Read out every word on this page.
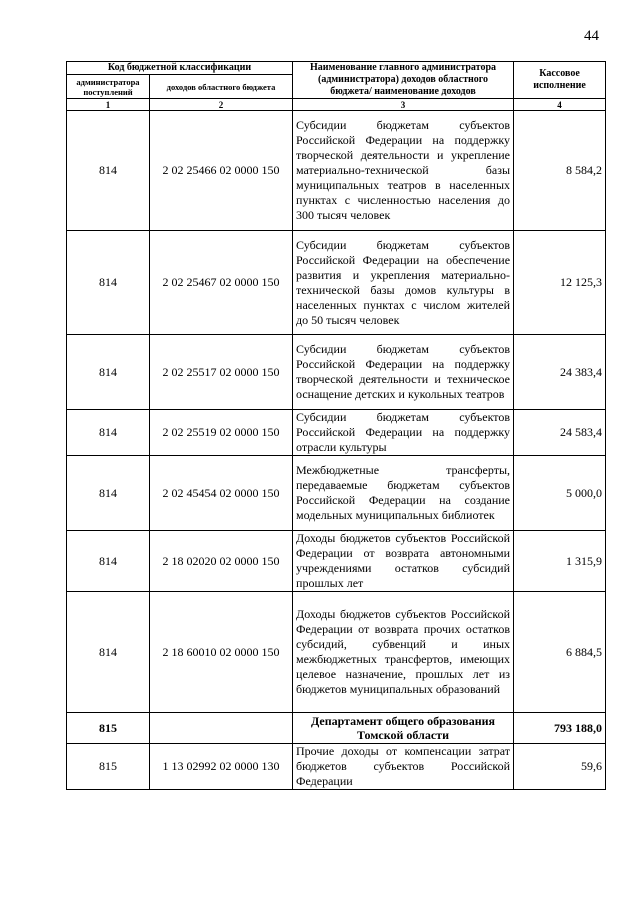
44
Код бюджетной классификации		Наименование главного администратора (администратора) доходов областного бюджета/ наименование доходов	Кассовое исполнение
администратора поступлений	доходов областного бюджета		
1	2	3	4
814	2 02 25466 02 0000 150	Субсидии бюджетам субъектов Российской Федерации на поддержку творческой деятельности и укрепление материально-технической базы муниципальных театров в населенных пунктах с численностью населения до 300 тысяч человек	8 584,2
814	2 02 25467 02 0000 150	Субсидии бюджетам субъектов Российской Федерации на обеспечение развития и укрепления материально-технической базы домов культуры в населенных пунктах с числом жителей до 50 тысяч человек	12 125,3
814	2 02 25517 02 0000 150	Субсидии бюджетам субъектов Российской Федерации на поддержку творческой деятельности и техническое оснащение детских и кукольных театров	24 383,4
814	2 02 25519 02 0000 150	Субсидии бюджетам субъектов Российской Федерации на поддержку отрасли культуры	24 583,4
814	2 02 45454 02 0000 150	Межбюджетные трансферты, передаваемые бюджетам субъектов Российской Федерации на создание модельных муниципальных библиотек	5 000,0
814	2 18 02020 02 0000 150	Доходы бюджетов субъектов Российской Федерации от возврата автономными учреждениями остатков субсидий прошлых лет	1 315,9
814	2 18 60010 02 0000 150	Доходы бюджетов субъектов Российской Федерации от возврата прочих остатков субсидий, субвенций и иных межбюджетных трансфертов, имеющих целевое назначение, прошлых лет из бюджетов муниципальных образований	6 884,5
815		Департамент общего образования Томской области	793 188,0
815	1 13 02992 02 0000 130	Прочие доходы от компенсации затрат бюджетов субъектов Российской Федерации	59,6
